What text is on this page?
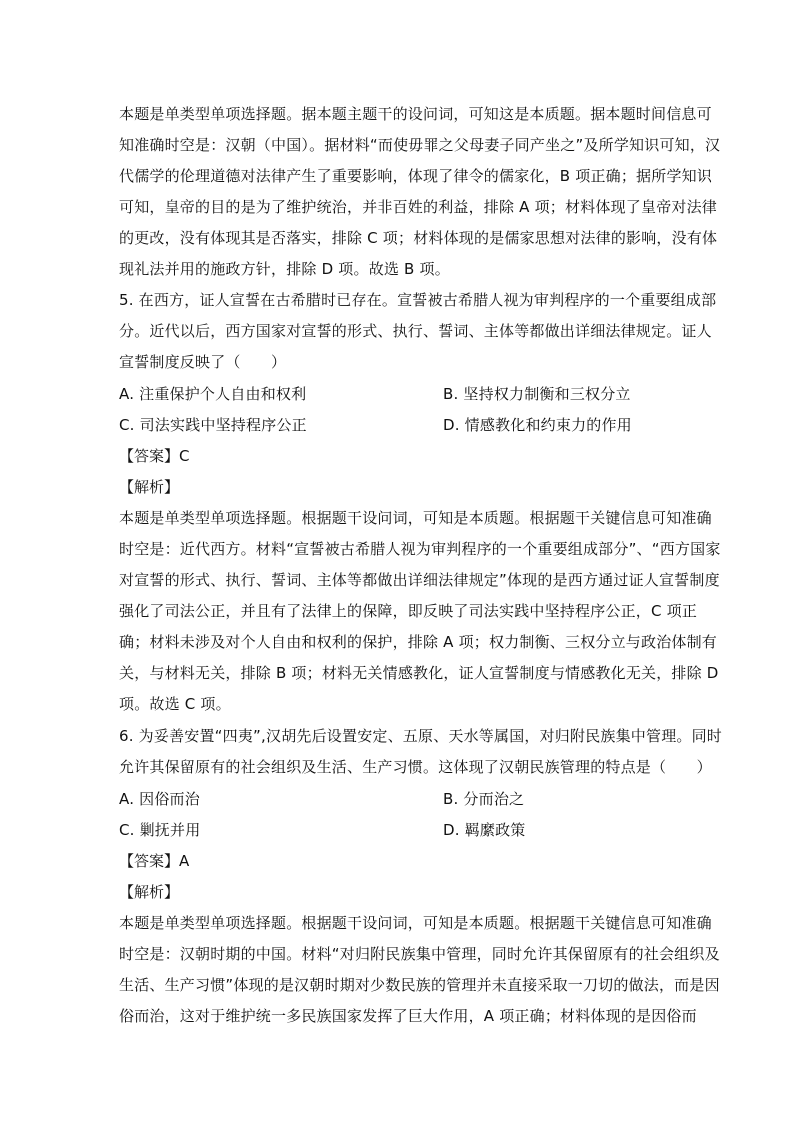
本题是单类型单项选择题。据本题主题干的设问词，可知这是本质题。据本题时间信息可
知准确时空是：汉朝（中国）。据材料“而使毋罪之父母妻子同产坐之”及所学知识可知，汉
代儒学的伦理道德对法律产生了重要影响，体现了律令的儒家化，B 项正确；据所学知识
可知，皇帝的目的是为了维护统治，并非百姓的利益，排除 A 项；材料体现了皇帝对法律
的更改，没有体现其是否落实，排除 C 项；材料体现的是儒家思想对法律的影响，没有体
现礼法并用的施政方针，排除 D 项。故选 B 项。
5. 在西方，证人宣誓在古希腊时已存在。宣誓被古希腊人视为审判程序的一个重要组成部
分。近代以后，西方国家对宣誓的形式、执行、誓词、主体等都做出详细法律规定。证人
宣誓制度反映了（　　）
A. 注重保护个人自由和权利	B. 坚持权力制衡和三权分立
C. 司法实践中坚持程序公正	D. 情感教化和约束力的作用
【答案】C
【解析】
本题是单类型单项选择题。根据题干设问词，可知是本质题。根据题干关键信息可知准确
时空是：近代西方。材料“宣誓被古希腊人视为审判程序的一个重要组成部分”、“西方国家
对宣誓的形式、执行、誓词、主体等都做出详细法律规定”体现的是西方通过证人宣誓制度
强化了司法公正，并且有了法律上的保障，即反映了司法实践中坚持程序公正，C 项正
确；材料未涉及对个人自由和权利的保护，排除 A 项；权力制衡、三权分立与政治体制有
关，与材料无关，排除 B 项；材料无关情感教化，证人宣誓制度与情感教化无关，排除 D
项。故选 C 项。
6. 为妥善安置“四夷”,汉胡先后设置安定、五原、天水等属国，对归附民族集中管理。同时
允许其保留原有的社会组织及生活、生产习惯。这体现了汉朝民族管理的特点是（　　）
A. 因俗而治	B. 分而治之
C. 剿抚并用	D. 羁縻政策
【答案】A
【解析】
本题是单类型单项选择题。根据题干设问词，可知是本质题。根据题干关键信息可知准确
时空是：汉朝时期的中国。材料“对归附民族集中管理，同时允许其保留原有的社会组织及
生活、生产习惯”体现的是汉朝时期对少数民族的管理并未直接采取一刀切的做法，而是因
俗而治，这对于维护统一多民族国家发挥了巨大作用，A 项正确；材料体现的是因俗而
